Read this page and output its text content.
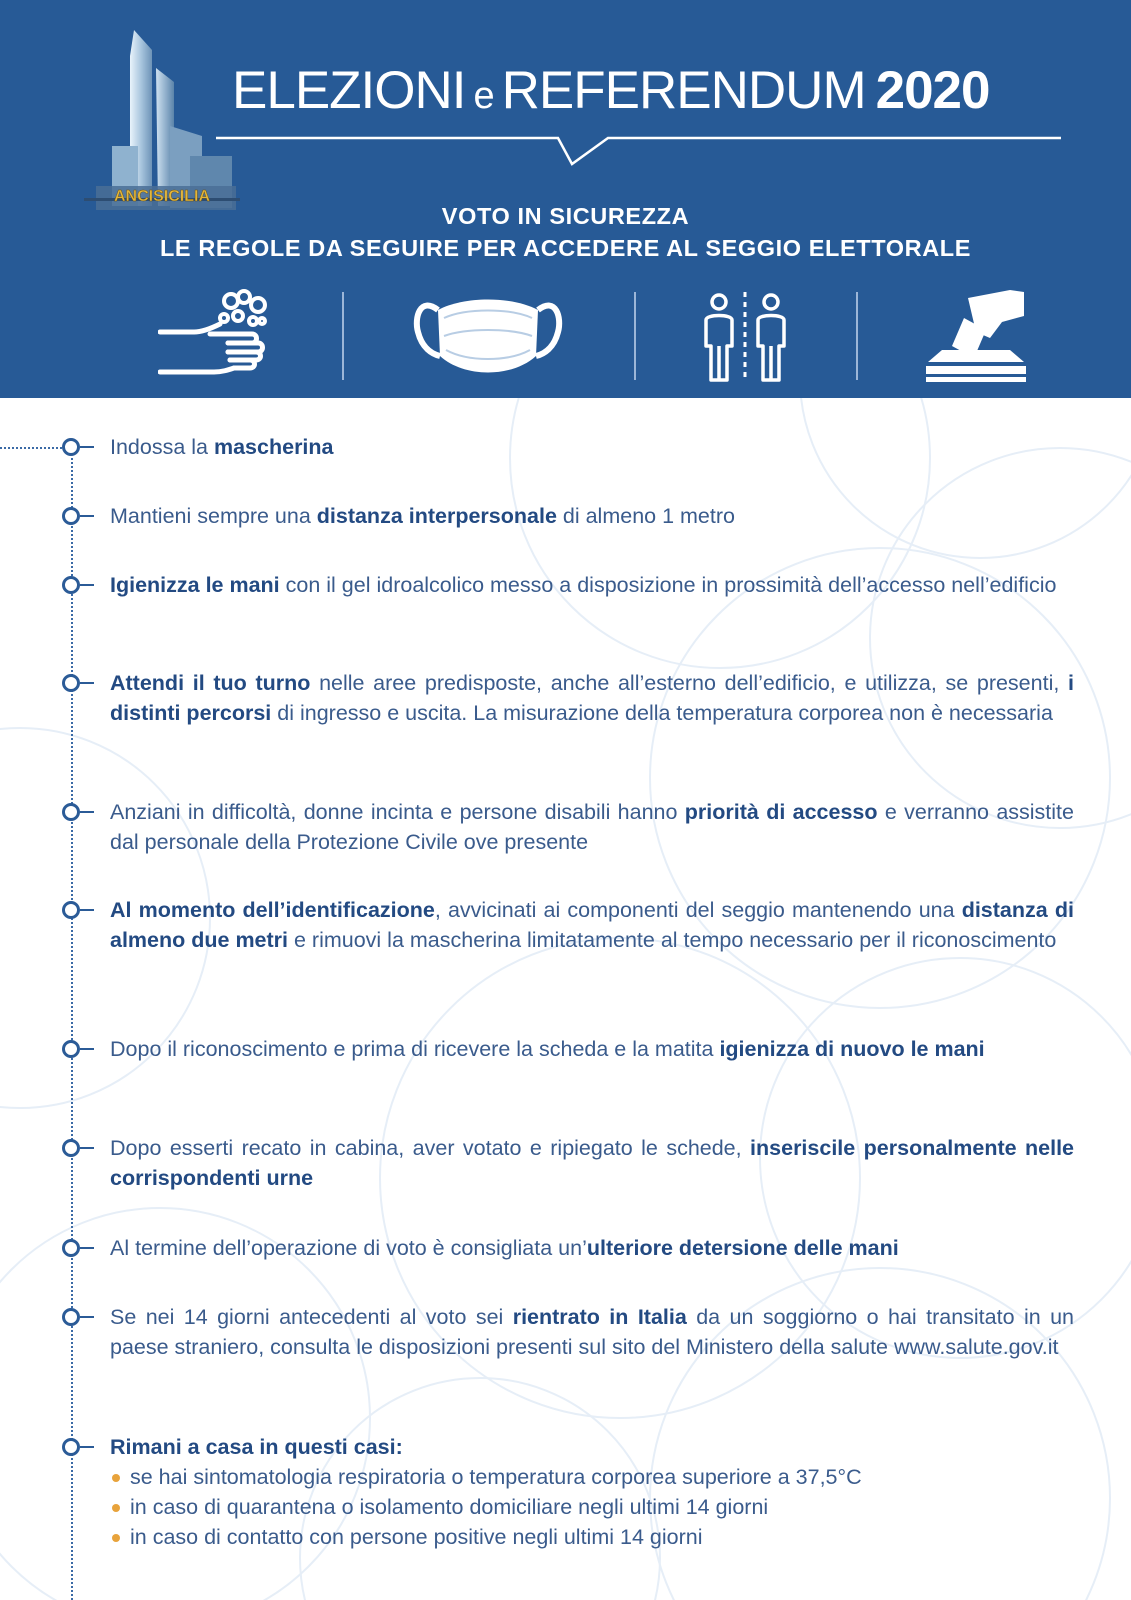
ANCISICILIA
ELEZIONI e REFERENDUM 2020
VOTO IN SICUREZZA
LE REGOLE DA SEGUIRE PER ACCEDERE AL SEGGIO ELETTORALE
Indossa la mascherina
Mantieni sempre una distanza interpersonale di almeno 1 metro
Igienizza le mani con il gel idroalcolico messo a disposizione in prossimità dell’accesso nell’edificio
Attendi il tuo turno nelle aree predisposte, anche all’esterno dell’edificio, e utilizza, se presenti, i distinti percorsi di ingresso e uscita. La misurazione della temperatura corporea non è necessaria
Anziani in difficoltà, donne incinta e persone disabili hanno priorità di accesso e verranno assistite dal personale della Protezione Civile ove presente
Al momento dell’identificazione, avvicinati ai componenti del seggio mantenendo una distanza di almeno due metri e rimuovi la mascherina limitatamente al tempo necessario per il riconoscimento
Dopo il riconoscimento e prima di ricevere la scheda e la matita igienizza di nuovo le mani
Dopo esserti recato in cabina, aver votato e ripiegato le schede, inseriscile personalmente nelle corrispondenti urne
Al termine dell’operazione di voto è consigliata un’ulteriore detersione delle mani
Se nei 14 giorni antecedenti al voto sei rientrato in Italia da un soggiorno o hai transitato in un paese straniero, consulta le disposizioni presenti sul sito del Ministero della salute www.salute.gov.it
Rimani a casa in questi casi:
se hai sintomatologia respiratoria o temperatura corporea superiore a 37,5°C
in caso di quarantena o isolamento domiciliare negli ultimi 14 giorni
in caso di contatto con persone positive negli ultimi 14 giorni
